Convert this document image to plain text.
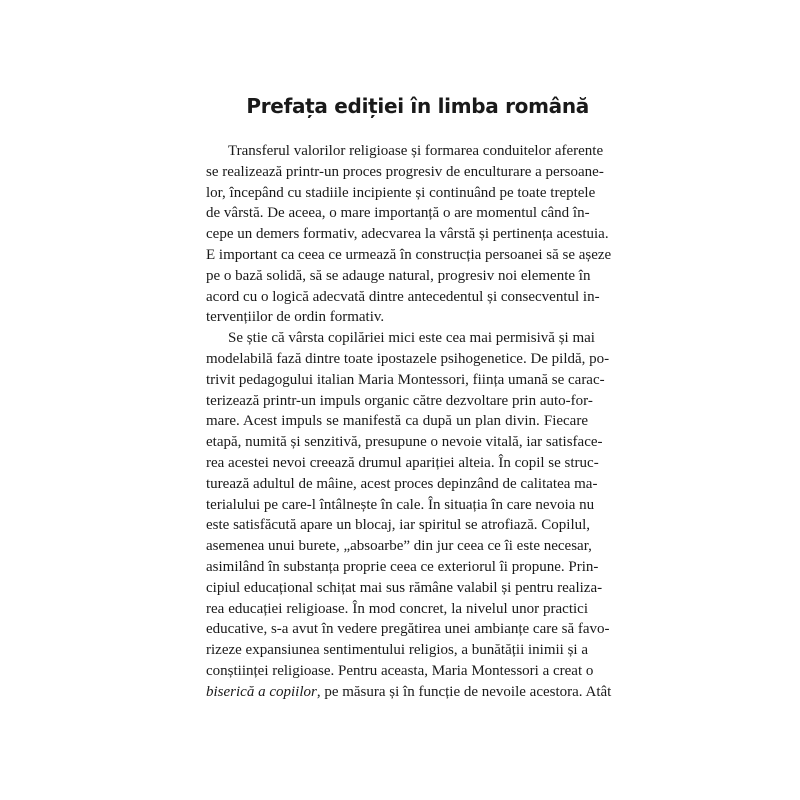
Prefața ediției în limba română

Transferul valorilor religioase și formarea conduitelor aferente
se realizează printr-un proces progresiv de enculturare a persoane-
lor, începând cu stadiile incipiente și continuând pe toate treptele
de vârstă. De aceea, o mare importanță o are momentul când în-
cepe un demers formativ, adecvarea la vârstă și pertinența acestuia.
E important ca ceea ce urmează în construcția persoanei să se așeze
pe o bază solidă, să se adauge natural, progresiv noi elemente în
acord cu o logică adecvată dintre antecedentul și consecventul in-
tervențiilor de ordin formativ.

Se știe că vârsta copilăriei mici este cea mai permisivă și mai
modelabilă fază dintre toate ipostazele psihogenetice. De pildă, po-
trivit pedagogului italian Maria Montessori, ființa umană se carac-
terizează printr-un impuls organic către dezvoltare prin auto-for-
mare. Acest impuls se manifestă ca după un plan divin. Fiecare
etapă, numită și senzitivă, presupune o nevoie vitală, iar satisface-
rea acestei nevoi creează drumul apariției alteia. În copil se struc-
turează adultul de mâine, acest proces depinzând de calitatea ma-
terialului pe care-l întâlnește în cale. În situația în care nevoia nu
este satisfăcută apare un blocaj, iar spiritul se atrofiază. Copilul,
asemenea unui burete, „absoarbe” din jur ceea ce îi este necesar,
asimilând în substanța proprie ceea ce exteriorul îi propune. Prin-
cipiul educațional schițat mai sus rămâne valabil și pentru realiza-
rea educației religioase. În mod concret, la nivelul unor practici
educative, s-a avut în vedere pregătirea unei ambianțe care să favo-
rizeze expansiunea sentimentului religios, a bunătății inimii și a
conștiinței religioase. Pentru aceasta, Maria Montessori a creat o
biserică a copiilor, pe măsura și în funcție de nevoile acestora. Atât
